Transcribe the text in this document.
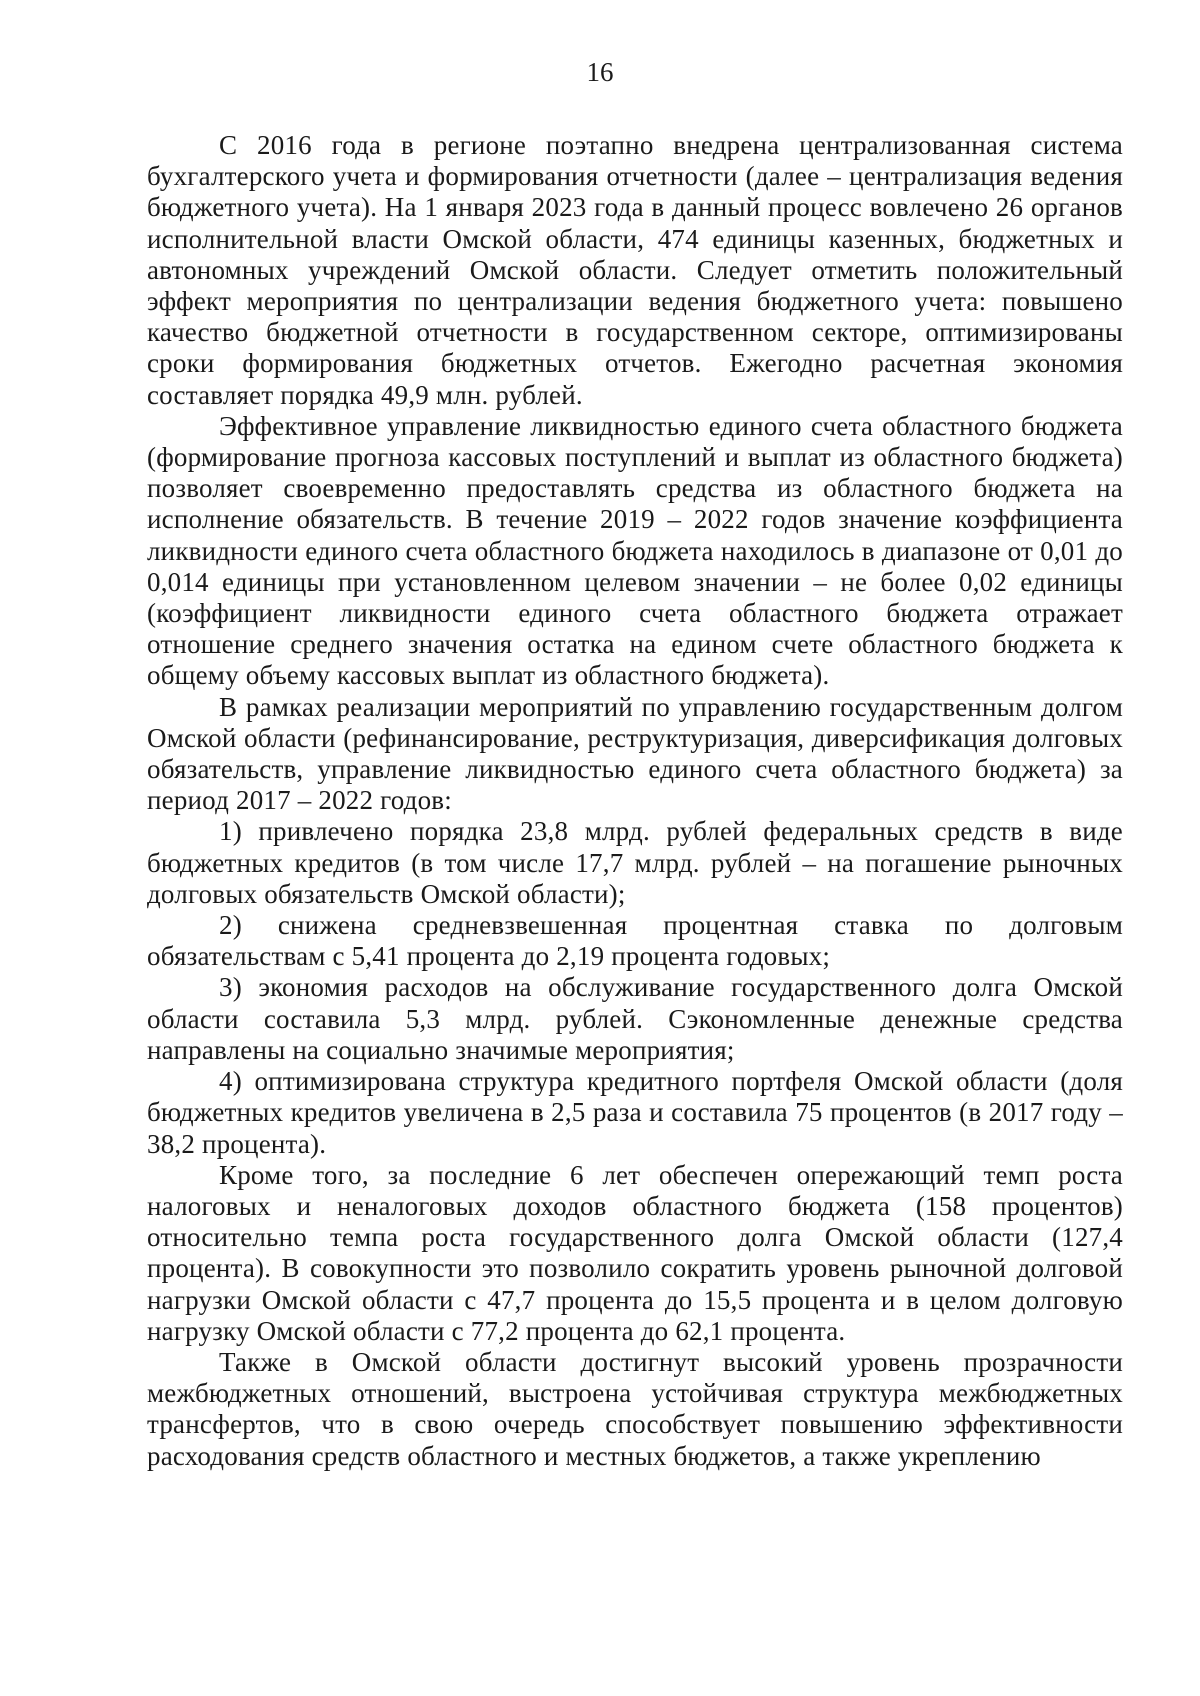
16

С 2016 года в регионе поэтапно внедрена централизованная система бухгалтерского учета и формирования отчетности (далее – централизация ведения бюджетного учета). На 1 января 2023 года в данный процесс вовлечено 26 органов исполнительной власти Омской области, 474 единицы казенных, бюджетных и автономных учреждений Омской области. Следует отметить положительный эффект мероприятия по централизации ведения бюджетного учета: повышено качество бюджетной отчетности в государственном секторе, оптимизированы сроки формирования бюджетных отчетов. Ежегодно расчетная экономия составляет порядка 49,9 млн. рублей.

Эффективное управление ликвидностью единого счета областного бюджета (формирование прогноза кассовых поступлений и выплат из областного бюджета) позволяет своевременно предоставлять средства из областного бюджета на исполнение обязательств. В течение 2019 – 2022 годов значение коэффициента ликвидности единого счета областного бюджета находилось в диапазоне от 0,01 до 0,014 единицы при установленном целевом значении – не более 0,02 единицы (коэффициент ликвидности единого счета областного бюджета отражает отношение среднего значения остатка на едином счете областного бюджета к общему объему кассовых выплат из областного бюджета).

В рамках реализации мероприятий по управлению государственным долгом Омской области (рефинансирование, реструктуризация, диверсификация долговых обязательств, управление ликвидностью единого счета областного бюджета) за период 2017 – 2022 годов:

1) привлечено порядка 23,8 млрд. рублей федеральных средств в виде бюджетных кредитов (в том числе 17,7 млрд. рублей – на погашение рыночных долговых обязательств Омской области);

2) снижена средневзвешенная процентная ставка по долговым обязательствам с 5,41 процента до 2,19 процента годовых;

3) экономия расходов на обслуживание государственного долга Омской области составила 5,3 млрд. рублей. Сэкономленные денежные средства направлены на социально значимые мероприятия;

4) оптимизирована структура кредитного портфеля Омской области (доля бюджетных кредитов увеличена в 2,5 раза и составила 75 процентов (в 2017 году – 38,2 процента).

Кроме того, за последние 6 лет обеспечен опережающий темп роста налоговых и неналоговых доходов областного бюджета (158 процентов) относительно темпа роста государственного долга Омской области (127,4 процента). В совокупности это позволило сократить уровень рыночной долговой нагрузки Омской области с 47,7 процента до 15,5 процента и в целом долговую нагрузку Омской области с 77,2 процента до 62,1 процента.

Также в Омской области достигнут высокий уровень прозрачности межбюджетных отношений, выстроена устойчивая структура межбюджетных трансфертов, что в свою очередь способствует повышению эффективности расходования средств областного и местных бюджетов, а также укреплению
